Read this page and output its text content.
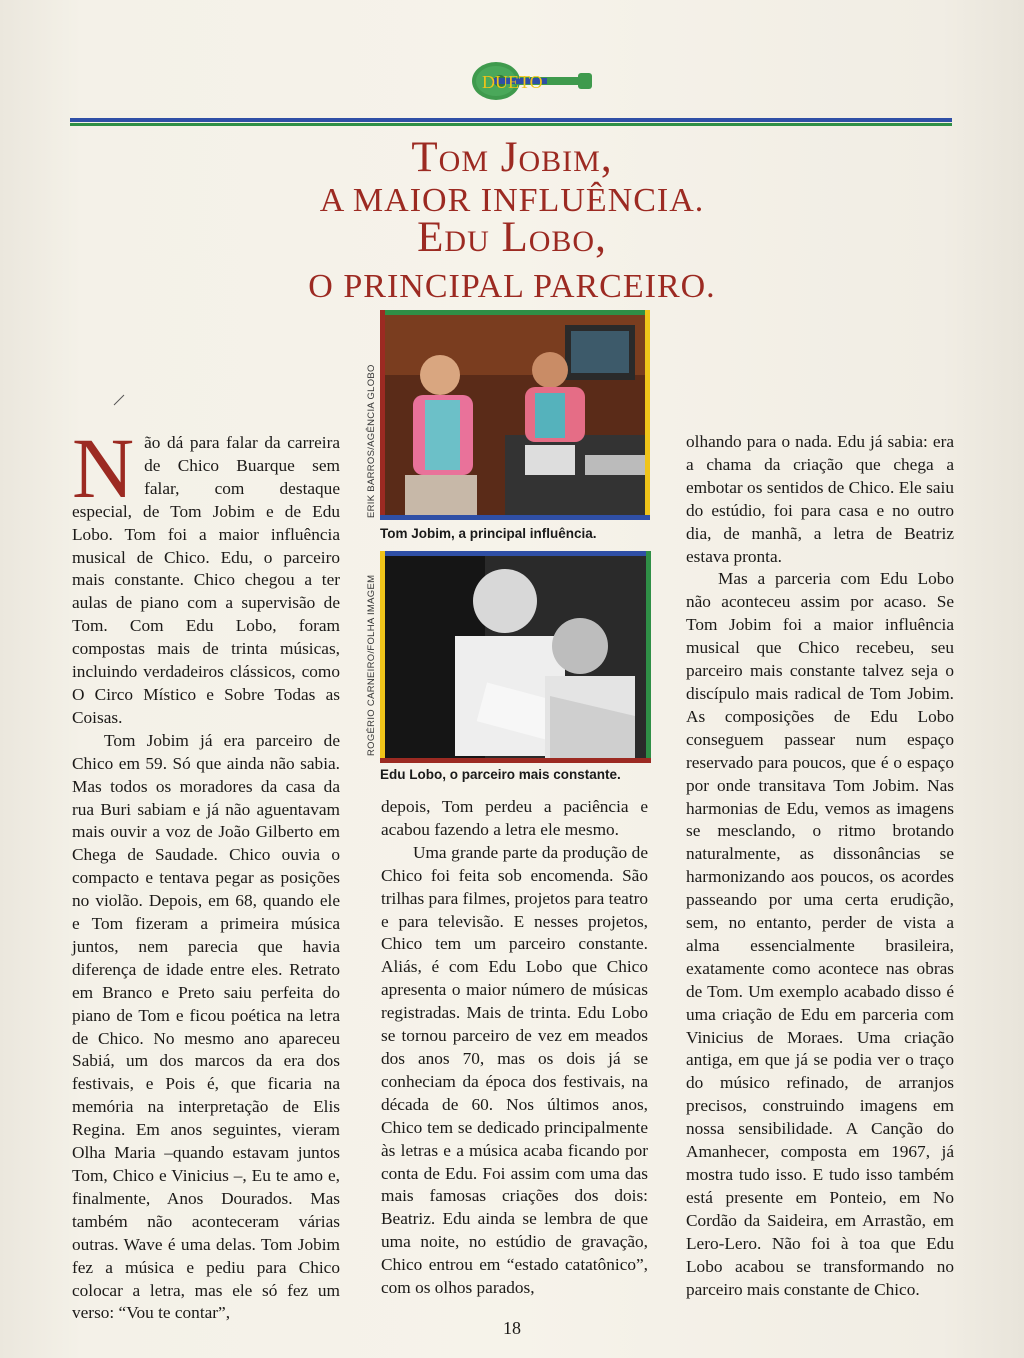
DUETO
Tom Jobim,
A MAIOR INFLUÊNCIA.
Edu Lobo,
O PRINCIPAL PARCEIRO.
ERIK BARROS/AGÊNCIA GLOBO
Tom Jobim, a principal influência.
ROGÉRIO CARNEIRO/FOLHA IMAGEM
Edu Lobo, o parceiro mais constante.

Não dá para falar da carreira de Chico Buarque sem falar, com destaque especial, de Tom Jobim e de Edu Lobo. Tom foi a maior influência musical de Chico. Edu, o parceiro mais constante. Chico chegou a ter aulas de piano com a supervisão de Tom. Com Edu Lobo, foram compostas mais de trinta músicas, incluindo verdadeiros clássicos, como O Circo Místico e Sobre Todas as Coisas.

Tom Jobim já era parceiro de Chico em 59. Só que ainda não sabia. Mas todos os moradores da casa da rua Buri sabiam e já não aguentavam mais ouvir a voz de João Gilberto em Chega de Saudade. Chico ouvia o compacto e tentava pegar as posições no violão. Depois, em 68, quando ele e Tom fizeram a primeira música juntos, nem parecia que havia diferença de idade entre eles. Retrato em Branco e Preto saiu perfeita do piano de Tom e ficou poética na letra de Chico. No mesmo ano apareceu Sabiá, um dos marcos da era dos festivais, e Pois é, que ficaria na memória na interpretação de Elis Regina. Em anos seguintes, vieram Olha Maria –quando estavam juntos Tom, Chico e Vinicius –, Eu te amo e, finalmente, Anos Dourados. Mas também não aconteceram várias outras. Wave é uma delas. Tom Jobim fez a música e pediu para Chico colocar a letra, mas ele só fez um verso: “Vou te contar”,

depois, Tom perdeu a paciência e acabou fazendo a letra ele mesmo.

Uma grande parte da produção de Chico foi feita sob encomenda. São trilhas para filmes, projetos para teatro e para televisão. E nesses projetos, Chico tem um parceiro constante. Aliás, é com Edu Lobo que Chico apresenta o maior número de músicas registradas. Mais de trinta. Edu Lobo se tornou parceiro de vez em meados dos anos 70, mas os dois já se conheciam da época dos festivais, na década de 60. Nos últimos anos, Chico tem se dedicado principalmente às letras e a música acaba ficando por conta de Edu. Foi assim com uma das mais famosas criações dos dois: Beatriz. Edu ainda se lembra de que uma noite, no estúdio de gravação, Chico entrou em “estado catatônico”, com os olhos parados,

olhando para o nada. Edu já sabia: era a chama da criação que chega a embotar os sentidos de Chico. Ele saiu do estúdio, foi para casa e no outro dia, de manhã, a letra de Beatriz estava pronta.

Mas a parceria com Edu Lobo não aconteceu assim por acaso. Se Tom Jobim foi a maior influência musical que Chico recebeu, seu parceiro mais constante talvez seja o discípulo mais radical de Tom Jobim. As composições de Edu Lobo conseguem passear num espaço reservado para poucos, que é o espaço por onde transitava Tom Jobim. Nas harmonias de Edu, vemos as imagens se mesclando, o ritmo brotando naturalmente, as dissonâncias se harmonizando aos poucos, os acordes passeando por uma certa erudição, sem, no entanto, perder de vista a alma essencialmente brasileira, exatamente como acontece nas obras de Tom. Um exemplo acabado disso é uma criação de Edu em parceria com Vinicius de Moraes. Uma criação antiga, em que já se podia ver o traço do músico refinado, de arranjos precisos, construindo imagens em nossa sensibilidade. A Canção do Amanhecer, composta em 1967, já mostra tudo isso. E tudo isso também está presente em Ponteio, em No Cordão da Saideira, em Arrastão, em Lero-Lero. Não foi à toa que Edu Lobo acabou se transformando no parceiro mais constante de Chico.

18
